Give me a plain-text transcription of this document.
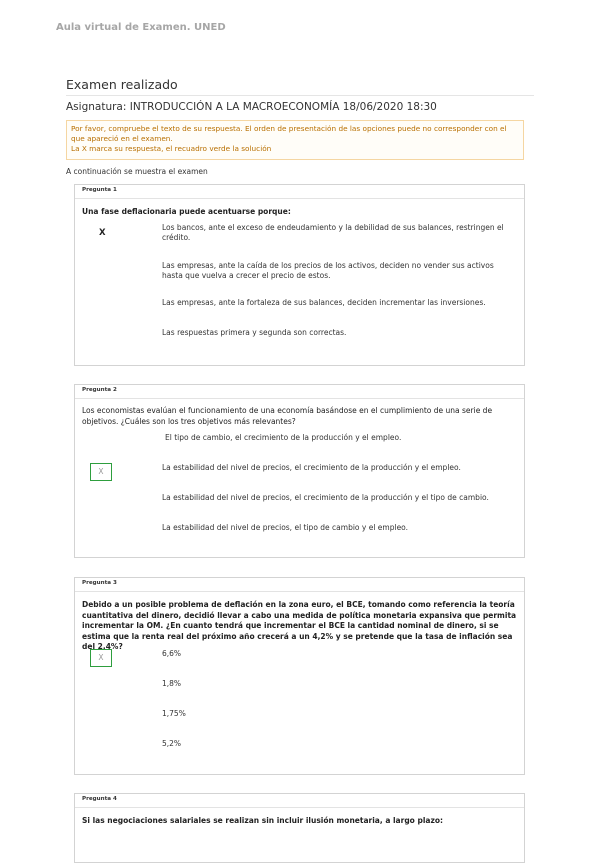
Aula virtual de Examen. UNED
Examen realizado
Asignatura: INTRODUCCIÓN A LA MACROECONOMÍA 18/06/2020 18:30
Por favor, compruebe el texto de su respuesta. El orden de presentación de las opciones puede no corresponder con el que apareció en el examen.
La X marca su respuesta, el recuadro verde la solución
A continuación se muestra el examen
Pregunta 1
Una fase deflacionaria puede acentuarse porque:
X
Los bancos, ante el exceso de endeudamiento y la debilidad de sus balances, restringen el crédito.
Las empresas, ante la caída de los precios de los activos, deciden no vender sus activos hasta que vuelva a crecer el precio de estos.
Las empresas, ante la fortaleza de sus balances, deciden incrementar las inversiones.
Las respuestas primera y segunda son correctas.
Pregunta 2
Los economistas evalúan el funcionamiento de una economía basándose en el cumplimiento de una serie de objetivos. ¿Cuáles son los tres objetivos más relevantes?
El tipo de cambio, el crecimiento de la producción y el empleo.
X	La estabilidad del nivel de precios, el crecimiento de la producción y el empleo.
La estabilidad del nivel de precios, el crecimiento de la producción y el tipo de cambio.
La estabilidad del nivel de precios, el tipo de cambio y el empleo.
Pregunta 3
Debido a un posible problema de deflación en la zona euro, el BCE, tomando como referencia la teoría cuantitativa del dinero, decidió llevar a cabo una medida de política monetaria expansiva que permita incrementar la OM. ¿En cuanto tendrá que incrementar el BCE la cantidad nominal de dinero, si se estima que la renta real del próximo año crecerá a un 4,2% y se pretende que la tasa de inflación sea del 2,4%?
X	6,6%
1,8%
1,75%
5,2%
Pregunta 4
Si las negociaciones salariales se realizan sin incluir ilusión monetaria, a largo plazo:
